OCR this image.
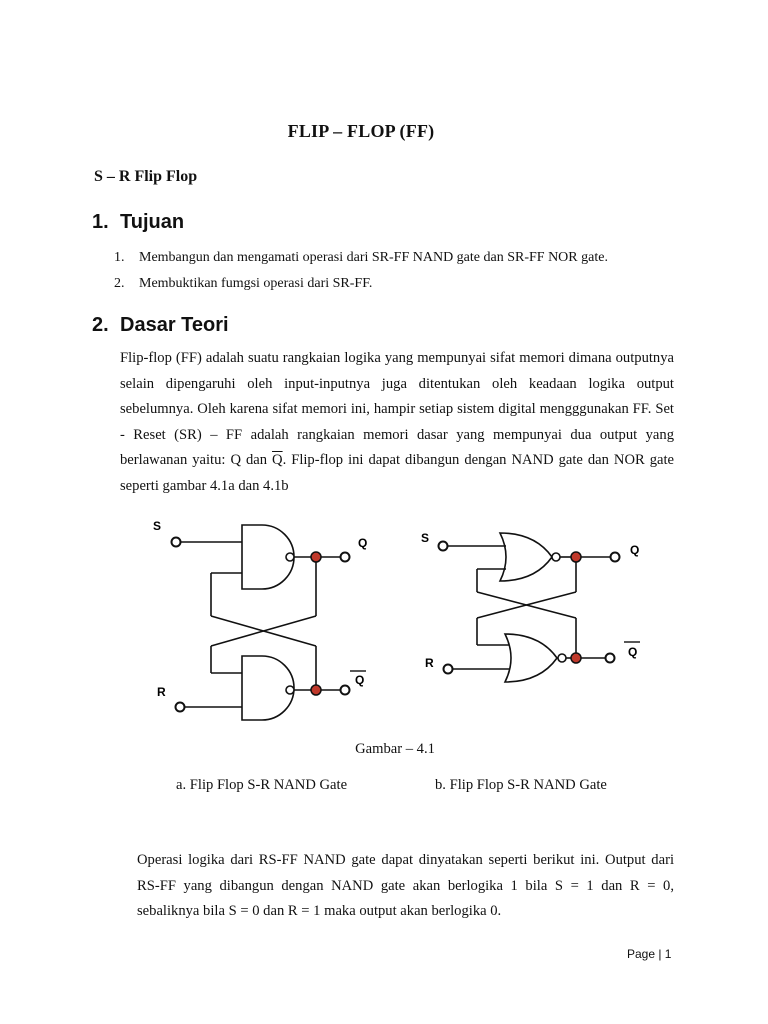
FLIP – FLOP (FF)
S – R Flip Flop
1. Tujuan
1.	Membangun dan mengamati operasi dari SR-FF NAND gate dan SR-FF NOR gate.
2.	Membuktikan fumgsi operasi dari SR-FF.
2. Dasar Teori
Flip-flop (FF) adalah suatu rangkaian logika yang mempunyai sifat memori dimana outputnya selain dipengaruhi oleh input-inputnya juga ditentukan oleh keadaan logika output sebelumnya. Oleh karena sifat memori ini, hampir setiap sistem digital mengggunakan FF. Set - Reset (SR) – FF adalah rangkaian memori dasar yang mempunyai dua output yang berlawanan yaitu: Q dan $\overline{Q}$. Flip-flop ini dapat dibangun dengan NAND gate dan NOR gate seperti gambar 4.1a dan 4.1b
S
Q
Q
R
S
Q
Q
R
Gambar – 4.1
a. Flip Flop S-R NAND Gate	b. Flip Flop S-R NAND Gate
Operasi logika dari RS-FF NAND gate dapat dinyatakan seperti berikut ini. Output dari RS-FF yang dibangun dengan NAND gate akan berlogika 1 bila S = 1 dan R = 0, sebaliknya bila S = 0 dan R = 1 maka output akan berlogika 0.
Page | 1
